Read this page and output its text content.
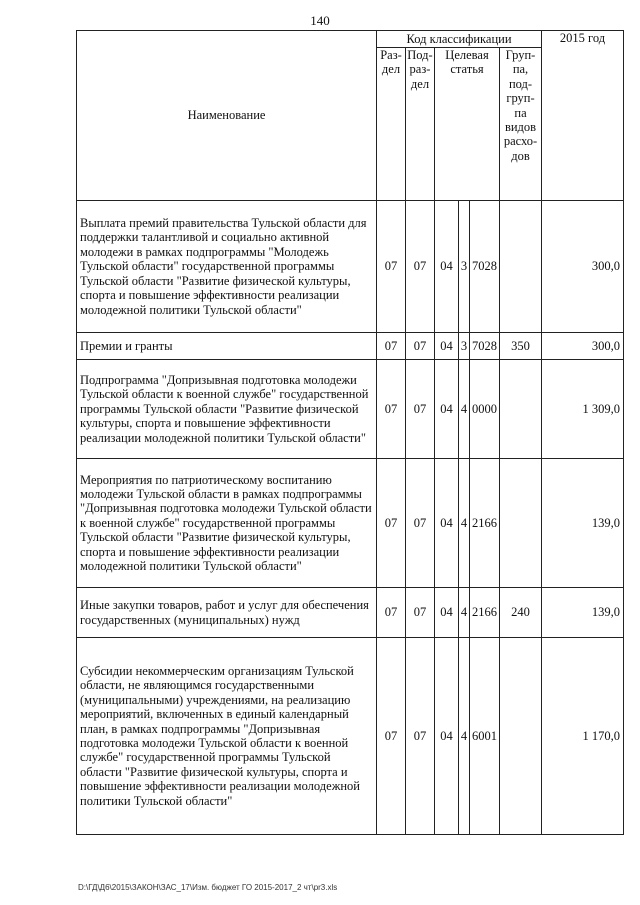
140
Наименование	Код классификации						2015 год
	Раз-дел	Под-раз-дел	Целевая статья			Груп-па, под-груп-па видов расхо-дов	
Выплата премий правительства Тульской области для поддержки талантливой и социально активной молодежи в рамках подпрограммы "Молодежь Тульской области" государственной программы Тульской области "Развитие физической культуры, спорта и повышение эффективности реализации молодежной политики Тульской области"	07	07	04	3	7028		300,0
Премии и гранты	07	07	04	3	7028	350	300,0
Подпрограмма "Допризывная подготовка молодежи Тульской области к военной службе" государственной программы Тульской области "Развитие физической культуры, спорта и повышение эффективности реализации молодежной политики Тульской области"	07	07	04	4	0000		1 309,0
Мероприятия по патриотическому воспитанию молодежи Тульской области в рамках подпрограммы "Допризывная подготовка молодежи Тульской области к военной службе" государственной программы Тульской области "Развитие физической культуры, спорта и повышение эффективности реализации молодежной политики Тульской области"	07	07	04	4	2166		139,0
Иные закупки товаров, работ и услуг для обеспечения государственных (муниципальных) нужд	07	07	04	4	2166	240	139,0
Субсидии некоммерческим организациям Тульской области, не являющимся государственными (муниципальными) учреждениями, на реализацию мероприятий, включенных в единый календарный план, в рамках подпрограммы "Допризывная подготовка молодежи Тульской области к военной службе" государственной программы Тульской области "Развитие физической культуры, спорта и повышение эффективности реализации молодежной политики Тульской области"	07	07	04	4	6001		1 170,0
D:\ГД\Д6\2015\ЗАКОН\ЗАС_17\Изм. бюджет ГО 2015-2017_2 чт\pr3.xls
